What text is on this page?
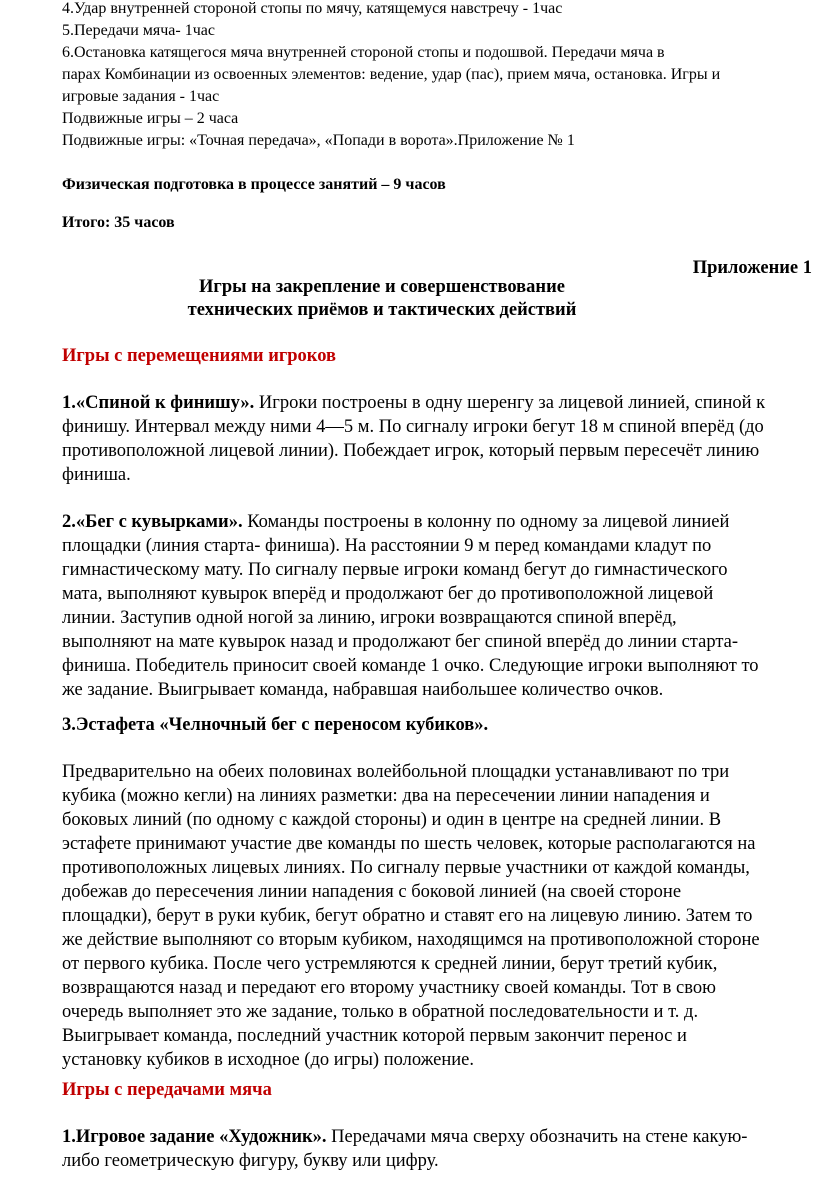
4.Удар внутренней стороной стопы по мячу, катящемуся навстречу - 1час
5.Передачи мяча- 1час
6.Остановка катящегося мяча внутренней стороной стопы и подошвой. Передачи мяча в
парах Комбинации из освоенных элементов: ведение, удар (пас), прием мяча, остановка. Игры и
игровые задания - 1час
Подвижные игры – 2 часа
Подвижные игры: «Точная передача», «Попади в ворота».Приложение № 1
Физическая подготовка в процессе занятий – 9 часов
Итого: 35 часов
Приложение 1
Игры на закрепление и совершенствование
технических приёмов и тактических действий
Игры с перемещениями игроков
1.«Спиной к финишу». Игроки построены в одну шеренгу за лицевой линией, спиной к
финишу. Интервал между ними 4—5 м. По сигналу игроки бегут 18 м спиной вперёд (до
противоположной лицевой линии). Побеждает игрок, который первым пересечёт линию
финиша.
2.«Бег с кувырками». Команды построены в колонну по одному за лицевой линией
площадки (линия старта- финиша). На расстоянии 9 м перед командами кладут по
гимнастическому мату. По сигналу первые игроки команд бегут до гимнастического
мата, выполняют кувырок вперёд и продолжают бег до противоположной лицевой
линии. Заступив одной ногой за линию, игроки возвращаются спиной вперёд,
выполняют на мате кувырок назад и продолжают бег спиной вперёд до линии старта-
финиша. Победитель приносит своей команде 1 очко. Следующие игроки выполняют то
же задание. Выигрывает команда, набравшая наибольшее количество очков.
3.Эстафета «Челночный бег с переносом кубиков».
Предварительно на обеих половинах волейбольной площадки устанавливают по три
кубика (можно кегли) на линиях разметки: два на пересечении линии нападения и
боковых линий (по одному с каждой стороны) и один в центре на средней линии. В
эстафете принимают участие две команды по шесть человек, которые располагаются на
противоположных лицевых линиях. По сигналу первые участники от каждой команды,
добежав до пересечения линии нападения с боковой линией (на своей стороне
площадки), берут в руки кубик, бегут обратно и ставят его на лицевую линию. Затем то
же действие выполняют со вторым кубиком, находящимся на противоположной стороне
от первого кубика. После чего устремляются к средней линии, берут третий кубик,
возвращаются назад и передают его второму участнику своей команды. Тот в свою
очередь выполняет это же задание, только в обратной последовательности и т. д.
Выигрывает команда, последний участник которой первым закончит перенос и
установку кубиков в исходное (до игры) положение.
Игры с передачами мяча
1.Игровое задание «Художник». Передачами мяча сверху обозначить на стене какую-
либо геометрическую фигуру, букву или цифру.
